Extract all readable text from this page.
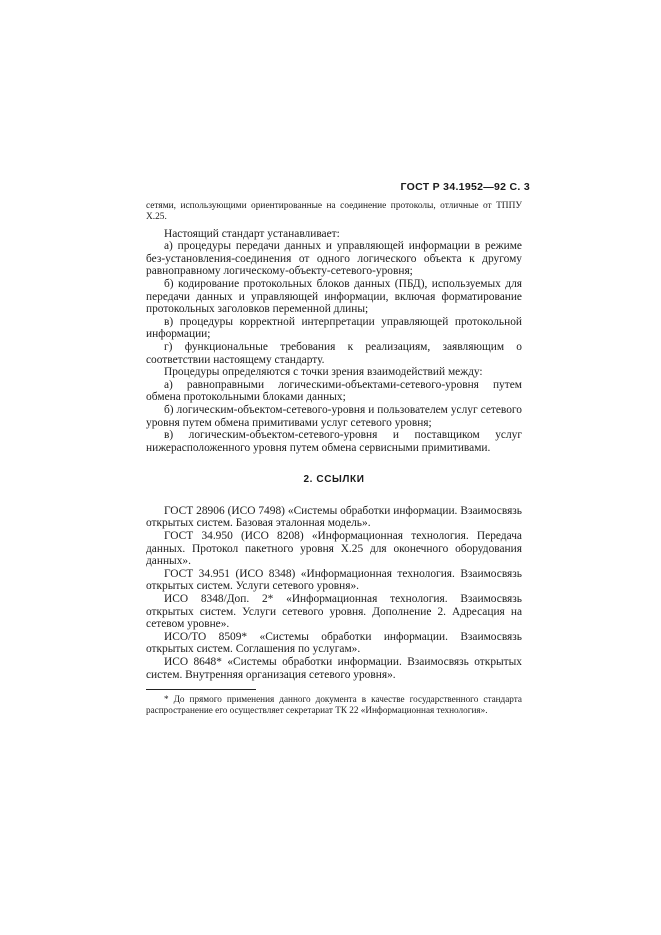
ГОСТ Р 34.1952—92 С. 3

сетями, использующими ориентированные на соединение протоколы, отличные от ТППУ Х.25.

Настоящий стандарт устанавливает:

а) процедуры передачи данных и управляющей информации в режиме без-установления-соединения от одного логического объекта к другому равноправному логическому-объекту-сетевого-уровня;

б) кодирование протокольных блоков данных (ПБД), используемых для передачи данных и управляющей информации, включая форматирование протокольных заголовков переменной длины;

в) процедуры корректной интерпретации управляющей протокольной информации;

г) функциональные требования к реализациям, заявляющим о соответствии настоящему стандарту.

Процедуры определяются с точки зрения взаимодействий между:

а) равноправными логическими-объектами-сетевого-уровня путем обмена протокольными блоками данных;

б) логическим-объектом-сетевого-уровня и пользователем услуг сетевого уровня путем обмена примитивами услуг сетевого уровня;

в) логическим-объектом-сетевого-уровня и поставщиком услуг нижерасположенного уровня путем обмена сервисными примитивами.

2. ССЫЛКИ

ГОСТ 28906 (ИСО 7498) «Системы обработки информации. Взаимосвязь открытых систем. Базовая эталонная модель».

ГОСТ 34.950 (ИСО 8208) «Информационная технология. Передача данных. Протокол пакетного уровня Х.25 для оконечного оборудования данных».

ГОСТ 34.951 (ИСО 8348) «Информационная технология. Взаимосвязь открытых систем. Услуги сетевого уровня».

ИСО 8348/Доп. 2* «Информационная технология. Взаимосвязь открытых систем. Услуги сетевого уровня. Дополнение 2. Адресация на сетевом уровне».

ИСО/ТО 8509* «Системы обработки информации. Взаимосвязь открытых систем. Соглашения по услугам».

ИСО 8648* «Системы обработки информации. Взаимосвязь открытых систем. Внутренняя организация сетевого уровня».

* До прямого применения данного документа в качестве государственного стандарта распространение его осуществляет секретариат ТК 22 «Информационная технология».
